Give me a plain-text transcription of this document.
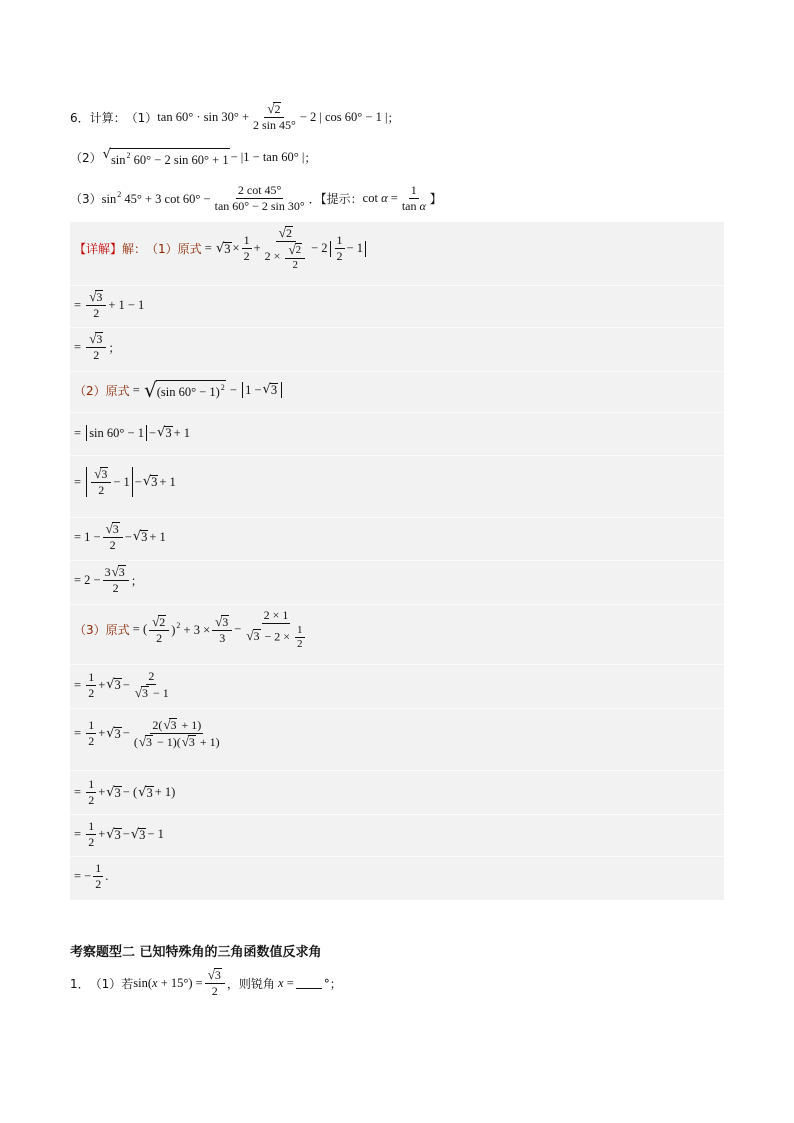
6． 计算： （1） $\tan 60^\circ \cdot \sin 30^\circ + \frac{√ 2}{2 \sin 45^\circ} - 2$ | cos 60° − 1 | ；
（2） √ $\sin^2 60^\circ - 2$ sin 60° + 1 − |1 − tan 60° | ；
（3） $\sin^2 45^\circ + 3$ $\cot 60^\circ - \frac{2 \cot 45^\circ}{\tan 60^\circ - 2 \sin 30^\circ}$ ．【提示： $\cot \alpha = \frac{1}{\text{tan α}}$ 】
【详解】 解： （1）原式 = √ $3 \times \frac{1}{2} + \frac{√ 2}{2 \times \frac{√ 2}{2}} - 2 \frac{1}{2} - 1$
= $\frac{√ 3}{2} + 1 - 1$
= $\frac{√ 3}{2}$ ；
（2）原式 = √ (sin 60° − 1)$^2$ − 1 − √ 3
= sin 60° − 1 − √ 3 + 1
= $\frac{√ 3}{2} - 1$ − √ 3 + 1
= $1 - \frac{√ 3}{2}$ − √ 3 + 1
= $2 - \frac{3 √ 3}{2}$ ；
（3）原式 = ( $\frac{√ 2}{2} )^2 + 3 \times \frac{√ 3}{3} - \frac{2 \times 1}{√ 3 - 2 \times \frac{1}{2}}$
= $\frac{1}{2}$ + √ $3 - \frac{2}{√ 3 - 1}$
= $\frac{1}{2}$ + √ $3 - \frac{2( √ 3 + 1)}{( √ 3 - 1)( √ 3 + 1)}$
= $\frac{1}{2}$ + √ 3 − ( √ 3 + 1)
= $\frac{1}{2}$ + √ 3 − √ 3 − 1
= − $\frac{1}{2}$ .
考察题型二 已知特殊角的三角函数值反求角
1． （1）若 $\sin(x + 15^\circ) = \frac{√ 3}{2}$ ，则锐角 x =	°；
